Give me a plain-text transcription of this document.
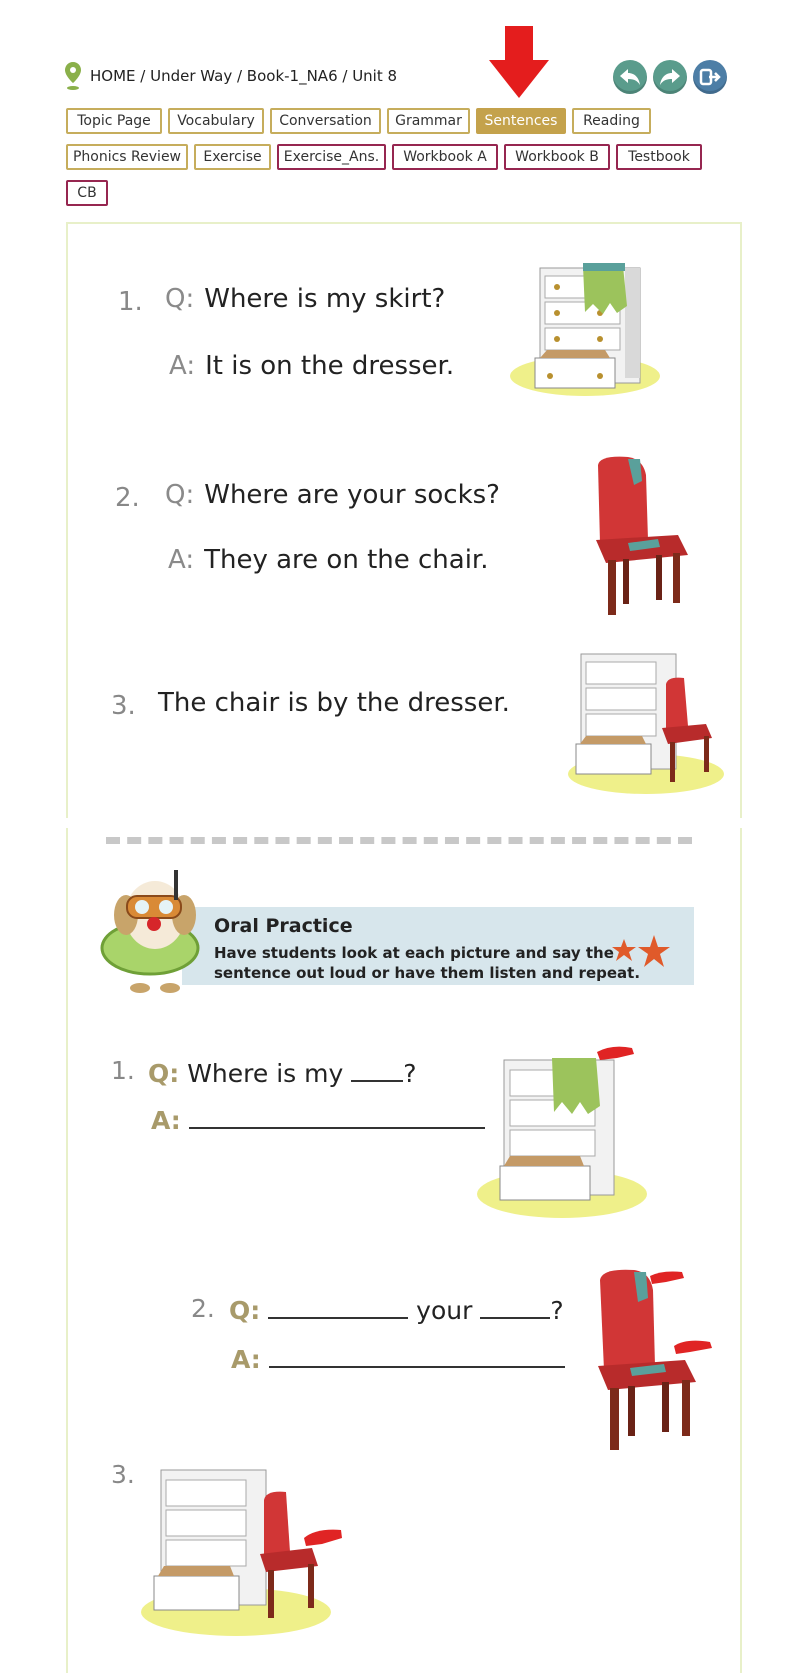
HOME / Under Way / Book-1_NA6 / Unit 8
Topic Page	Vocabulary	Conversation	Grammar	Sentences	Reading
Phonics Review	Exercise	Exercise_Ans.	Workbook A	Workbook B	Testbook
CB
1. Q: Where is my skirt?
A: It is on the dresser.
2. Q: Where are your socks?
A: They are on the chair.
3. The chair is by the dresser.
Oral Practice
Have students look at each picture and say the
sentence out loud or have them listen and repeat.
1. Q: Where is my ?
A:
2. Q:	your	?
A:
3.
